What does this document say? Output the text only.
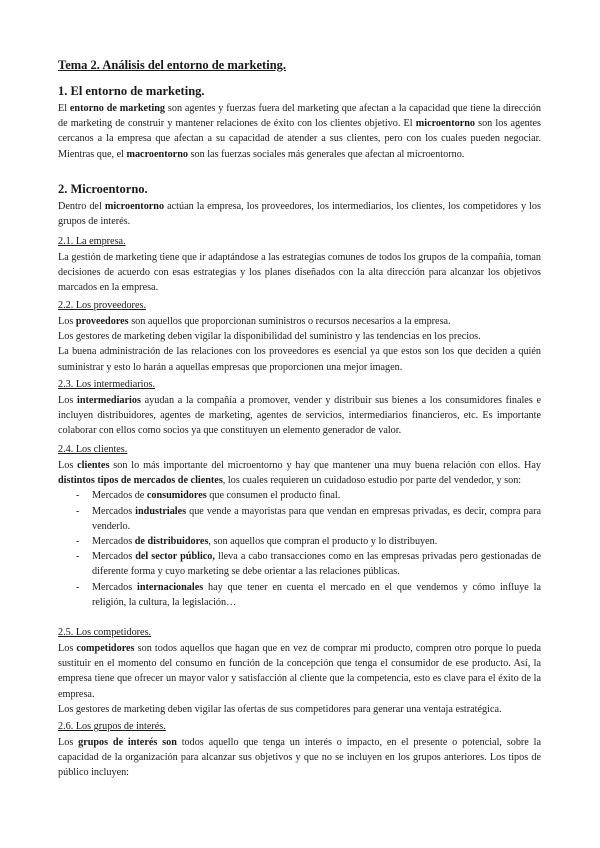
Tema 2. Análisis del entorno de marketing.
1. El entorno de marketing.

El entorno de marketing son agentes y fuerzas fuera del marketing que afectan a la capacidad que tiene la dirección de marketing de construir y mantener relaciones de éxito con los clientes objetivo. El microentorno son los agentes cercanos a la empresa que afectan a su capacidad de atender a sus clientes, pero con los cuales pueden negociar. Mientras que, el macroentorno son las fuerzas sociales más generales que afectan al microentorno.

2. Microentorno.

Dentro del microentorno actúan la empresa, los proveedores, los intermediarios, los clientes, los competidores y los grupos de interés.

2.1. La empresa.

La gestión de marketing tiene que ir adaptándose a las estrategias comunes de todos los grupos de la compañía, toman decisiones de acuerdo con esas estrategias y los planes diseñados con la alta dirección para alcanzar los objetivos marcados en la empresa.

2.2. Los proveedores.

Los proveedores son aquellos que proporcionan suministros o recursos necesarios a la empresa.

Los gestores de marketing deben vigilar la disponibilidad del suministro y las tendencias en los precios.

La buena administración de las relaciones con los proveedores es esencial ya que estos son los que deciden a quién suministrar y esto lo harán a aquellas empresas que proporcionen una mejor imagen.

2.3. Los intermediarios.

Los intermediarios ayudan a la compañía a promover, vender y distribuir sus bienes a los consumidores finales e incluyen distribuidores, agentes de marketing, agentes de servicios, intermediarios financieros, etc. Es importante colaborar con ellos como socios ya que constituyen un elemento generador de valor.

2.4. Los clientes.

Los clientes son lo más importante del microentorno y hay que mantener una muy buena relación con ellos. Hay distintos tipos de mercados de clientes, los cuales requieren un cuidadoso estudio por parte del vendedor, y son:

- Mercados de consumidores que consumen el producto final.
- Mercados industriales que vende a mayoristas para que vendan en empresas privadas, es decir, compra para venderlo.
- Mercados de distribuidores, son aquellos que compran el producto y lo distribuyen.
- Mercados del sector público, lleva a cabo transacciones como en las empresas privadas pero gestionadas de diferente forma y cuyo marketing se debe orientar a las relaciones públicas.
- Mercados internacionales hay que tener en cuenta el mercado en el que vendemos y cómo influye la religión, la cultura, la legislación…
2.5. Los competidores.

Los competidores son todos aquellos que hagan que en vez de comprar mi producto, compren otro porque lo pueda sustituir en el momento del consumo en función de la concepción que tenga el consumidor de ese producto. Así, la empresa tiene que ofrecer un mayor valor y satisfacción al cliente que la competencia, esto es clave para el éxito de la empresa.

Los gestores de marketing deben vigilar las ofertas de sus competidores para generar una ventaja estratégica.

2.6. Los grupos de interés.

Los grupos de interés son todos aquello que tenga un interés o impacto, en el presente o potencial, sobre la capacidad de la organización para alcanzar sus objetivos y que no se incluyen en los grupos anteriores. Los tipos de público incluyen:
